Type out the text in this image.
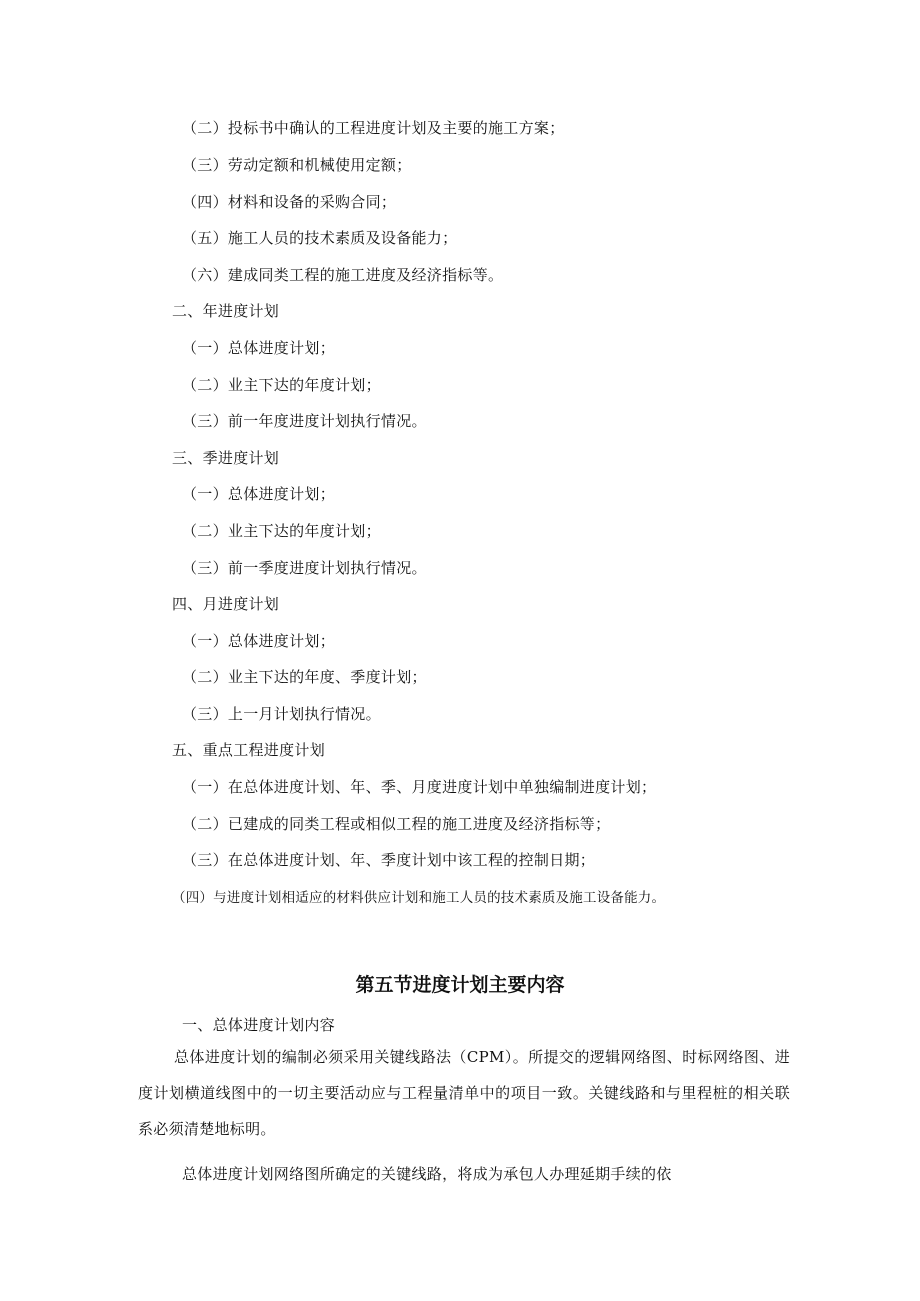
（二）投标书中确认的工程进度计划及主要的施工方案；
（三）劳动定额和机械使用定额；
（四）材料和设备的采购合同；
（五）施工人员的技术素质及设备能力；
（六）建成同类工程的施工进度及经济指标等。
二、年进度计划
（一）总体进度计划；
（二）业主下达的年度计划；
（三）前一年度进度计划执行情况。
三、季进度计划
（一）总体进度计划；
（二）业主下达的年度计划；
（三）前一季度进度计划执行情况。
四、月进度计划
（一）总体进度计划；
（二）业主下达的年度、季度计划；
（三）上一月计划执行情况。
五、重点工程进度计划
（一）在总体进度计划、年、季、月度进度计划中单独编制进度计划；
（二）已建成的同类工程或相似工程的施工进度及经济指标等；
（三）在总体进度计划、年、季度计划中该工程的控制日期；
（四）与进度计划相适应的材料供应计划和施工人员的技术素质及施工设备能力。
第五节进度计划主要内容
一、总体进度计划内容
总体进度计划的编制必须采用关键线路法（CPM）。所提交的逻辑网络图、时标网络图、进度计划横道线图中的一切主要活动应与工程量清单中的项目一致。关键线路和与里程桩的相关联系必须清楚地标明。
总体进度计划网络图所确定的关键线路，将成为承包人办理延期手续的依
